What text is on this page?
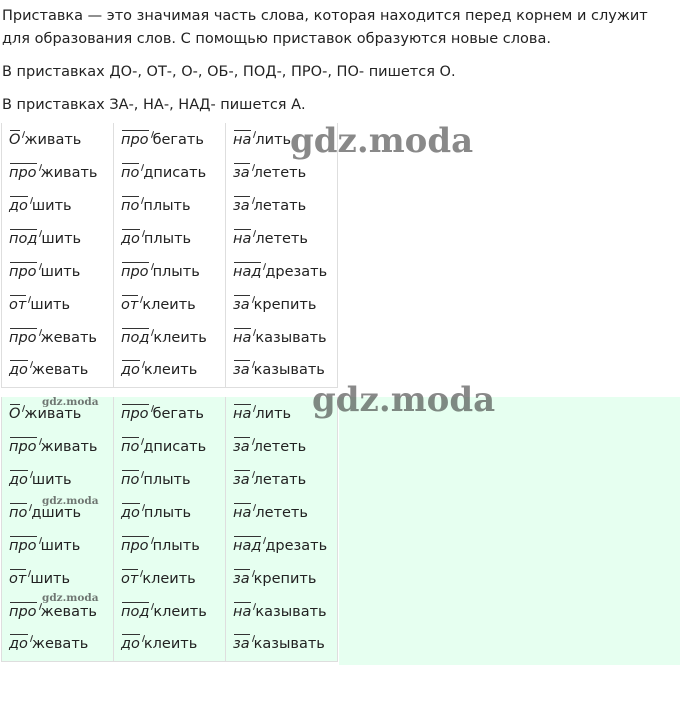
Приставка — это значимая часть слова, которая находится перед корнем и служит для образования слов. С помощью приставок образуются новые слова.

В приставках ДО-, ОТ-, О-, ОБ-, ПОД-, ПРО-, ПО- пишется О.

В приставках ЗА-, НА-, НАД- пишется А.

О живать	про бегать	на лить
про живать	по дписать	за лететь
до шить	по плыть	за летать
под шить	до плыть	на лететь
про шить	про плыть	над дрезать
от шить	от клеить	за крепить
про жевать	под клеить	на казывать
до жевать	до клеить	за казывать
О живать	про бегать	на лить
про живать	по дписать	за лететь
до шить	по плыть	за летать
по дшить	до плыть	на лететь
про шить	про плыть	над дрезать
от шить	от клеить	за крепить
про жевать	под клеить	на казывать
до жевать	до клеить	за казывать
gdz.moda
gdz.moda
gdz.moda
gdz.moda
gdz.moda
